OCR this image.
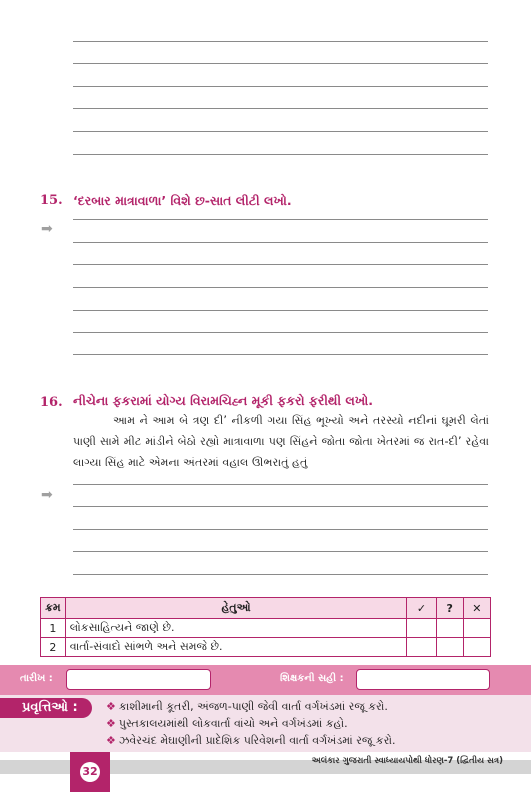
15. ‘દરબાર માત્રાવાળા’ વિશે છ-સાત લીટી લખો.
➡
16. નીચેના ફકરામાં યોગ્ય વિરામચિહ્ન મૂકી ફકરો ફરીથી લખો.
આમ ને આમ બે ત્રણ દી’ નીકળી ગયા સિંહ ભૂખ્યો અને તરસ્યો નદીનાં ઘૂમરી લેતાં પાણી સામે મીટ માંડીને બેઠો રહ્યો માત્રાવાળા પણ સિંહને જોતા જોતા ખેતરમાં જ રાત-દી’ રહેવા લાગ્યા સિંહ માટે એમના અંતરમાં વહાલ ઊભરાતું હતું
➡
ક્રમ	હેતુઓ	✓	?	✕
1	લોકસાહિત્યને જાણે છે.			
2	વાર્તા-સંવાદો સાંભળે અને સમજે છે.			
તારીખ :	શિક્ષકની સહી :
પ્રવૃત્તિઓ :	❖ કાશીમાની કૂતરી, અંજળ-પાણી જેવી વાર્તા વર્ગખંડમાં રજૂ કરો.
❖ પુસ્તકાલયમાંથી લોકવાર્તા વાંચો અને વર્ગખંડમાં કહો.
❖ ઝવેરચંદ મેઘાણીની પ્રાદેશિક પરિવેશની વાર્તા વર્ગખંડમાં રજૂ કરો.
32
અલંકાર ગુજરાતી સ્વાધ્યાયપોથી ધોરણ-7 (દ્વિતીય સત્ર)
